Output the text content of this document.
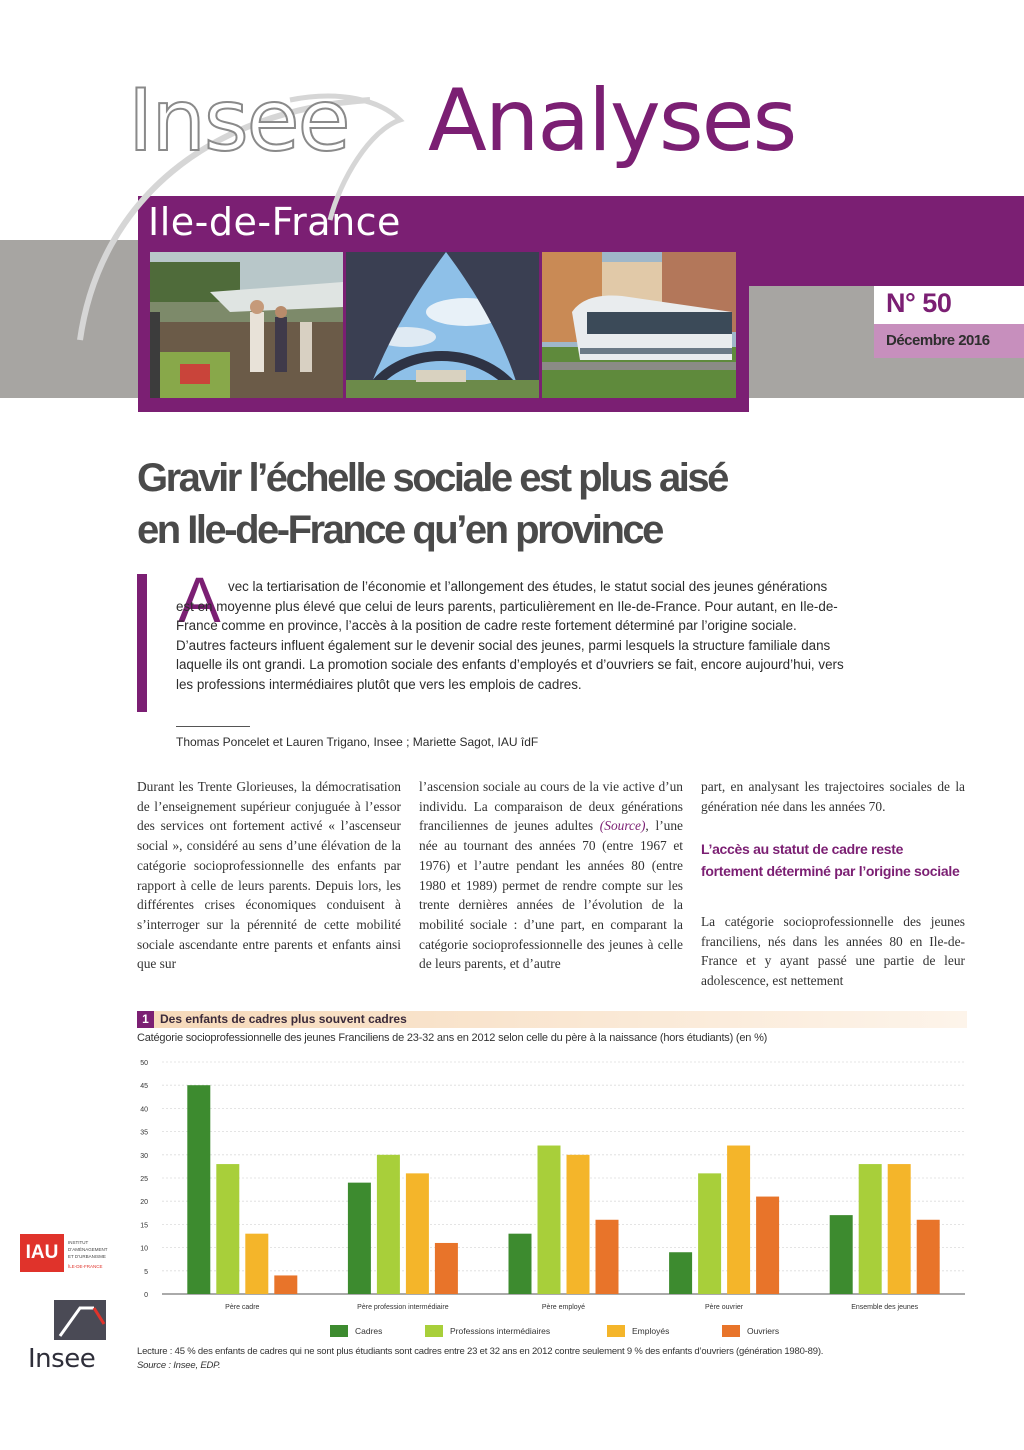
N° 50
Décembre 2016
Insee Analyses
Ile-de-France
Gravir l’échelle sociale est plus aisé
en Ile-de-France qu’en province
A vec la tertiarisation de l’économie et l’allongement des études, le statut social des jeunes générations est en moyenne plus élevé que celui de leurs parents, particulièrement en Ile-de-France. Pour autant, en Ile-de-France comme en province, l’accès à la position de cadre reste fortement déterminé par l’origine sociale. D’autres facteurs influent également sur le devenir social des jeunes, parmi lesquels la structure familiale dans laquelle ils ont grandi. La promotion sociale des enfants d’employés et d’ouvriers se fait, encore aujourd’hui, vers les professions intermédiaires plutôt que vers les emplois de cadres.

Thomas Poncelet et Lauren Trigano, Insee ; Mariette Sagot, IAU îdF

Durant les Trente Glorieuses, la démocratisation de l’enseignement supérieur conjuguée à l’essor des services ont fortement activé « l’ascenseur social », considéré au sens d’une élévation de la catégorie socioprofessionnelle des enfants par rapport à celle de leurs parents. Depuis lors, les différentes crises économiques conduisent à s’interroger sur la pérennité de cette mobilité sociale ascendante entre parents et enfants ainsi que sur

l’ascension sociale au cours de la vie active d’un individu. La comparaison de deux générations franciliennes de jeunes adultes (Source), l’une née au tournant des années 70 (entre 1967 et 1976) et l’autre pendant les années 80 (entre 1980 et 1989) permet de rendre compte sur les trente dernières années de l’évolution de la mobilité sociale : d’une part, en comparant la catégorie socioprofessionnelle des jeunes à celle de leurs parents, et d’autre

part, en analysant les trajectoires sociales de la génération née dans les années 70.

L’accès au statut de cadre reste fortement déterminé par l’origine sociale

La catégorie socioprofessionnelle des jeunes franciliens, nés dans les années 80 en Ile-de-France et y ayant passé une partie de leur adolescence, est nettement

1 Des enfants de cadres plus souvent cadres
Catégorie socioprofessionnelle des jeunes Franciliens de 23-32 ans en 2012 selon celle du père à la naissance (hors étudiants) (en %)
0
5
10
15
20
25
30
35
40
45
50
Père cadre	Père profession intermédiaire	Père employé	Père ouvrier	Ensemble des jeunes
Cadres	Professions intermédiaires	Employés	Ouvriers
Lecture : 45 % des enfants de cadres qui ne sont plus étudiants sont cadres entre 23 et 32 ans en 2012 contre seulement 9 % des enfants d’ouvriers (génération 1980-89).
Source : Insee, EDP.
IAU	INSTITUT
D’AMÉNAGEMENT
ET D’URBANISME
ÎLE-DE-FRANCE
Insee
